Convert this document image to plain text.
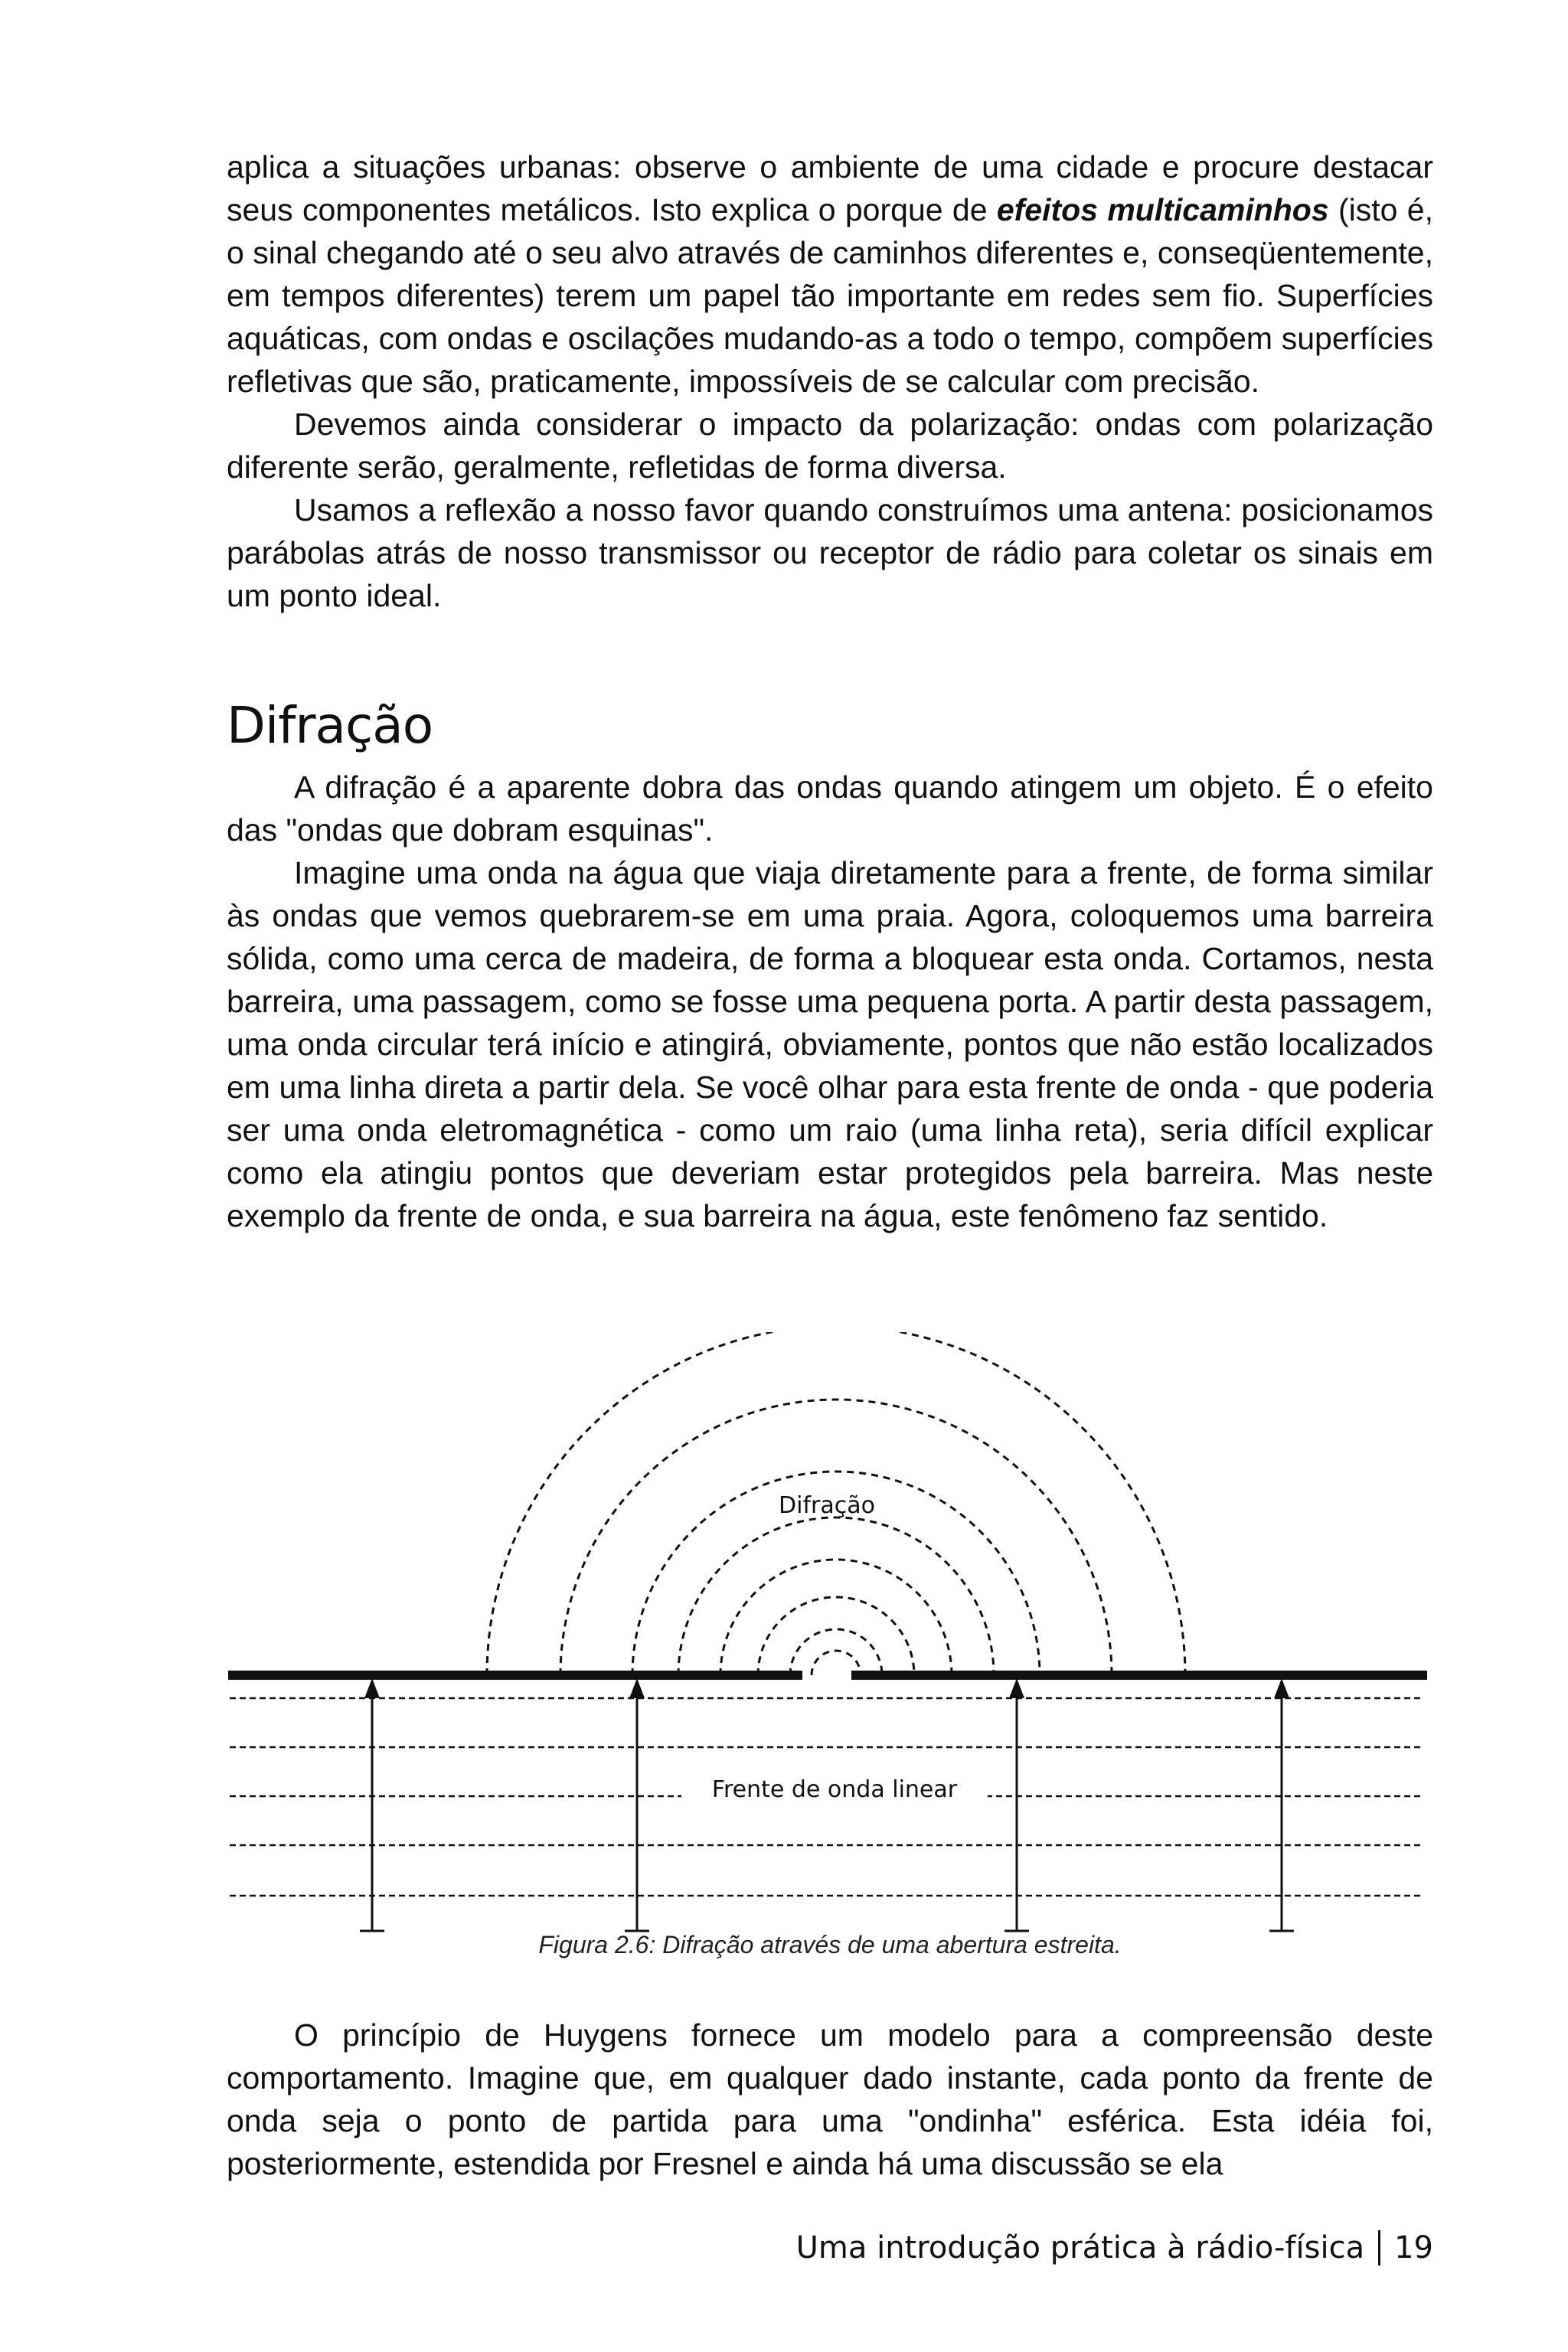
aplica a situações urbanas: observe o ambiente de uma cidade e procure destacar seus componentes metálicos. Isto explica o porque de efeitos multicaminhos (isto é, o sinal chegando até o seu alvo através de caminhos diferentes e, conseqüentemente, em tempos diferentes) terem um papel tão importante em redes sem fio. Superfícies aquáticas, com ondas e oscilações mudando-as a todo o tempo, compõem superfícies refletivas que são, praticamente, impossíveis de se calcular com precisão.

Devemos ainda considerar o impacto da polarização: ondas com polarização diferente serão, geralmente, refletidas de forma diversa.

Usamos a reflexão a nosso favor quando construímos uma antena: posicionamos parábolas atrás de nosso transmissor ou receptor de rádio para coletar os sinais em um ponto ideal.

Difração

A difração é a aparente dobra das ondas quando atingem um objeto. É o efeito das "ondas que dobram esquinas".

Imagine uma onda na água que viaja diretamente para a frente, de forma similar às ondas que vemos quebrarem-se em uma praia. Agora, coloquemos uma barreira sólida, como uma cerca de madeira, de forma a bloquear esta onda. Cortamos, nesta barreira, uma passagem, como se fosse uma pequena porta. A partir desta passagem, uma onda circular terá início e atingirá, obviamente, pontos que não estão localizados em uma linha direta a partir dela. Se você olhar para esta frente de onda - que poderia ser uma onda eletromagnética - como um raio (uma linha reta), seria difícil explicar como ela atingiu pontos que deveriam estar protegidos pela barreira. Mas neste exemplo da frente de onda, e sua barreira na água, este fenômeno faz sentido.

Difração
Frente de onda linear
Figura 2.6: Difração através de uma abertura estreita.

O princípio de Huygens fornece um modelo para a compreensão deste comportamento. Imagine que, em qualquer dado instante, cada ponto da frente de onda seja o ponto de partida para uma "ondinha" esférica. Esta idéia foi, posteriormente, estendida por Fresnel e ainda há uma discussão se ela

Uma introdução prática à rádio-física 19
